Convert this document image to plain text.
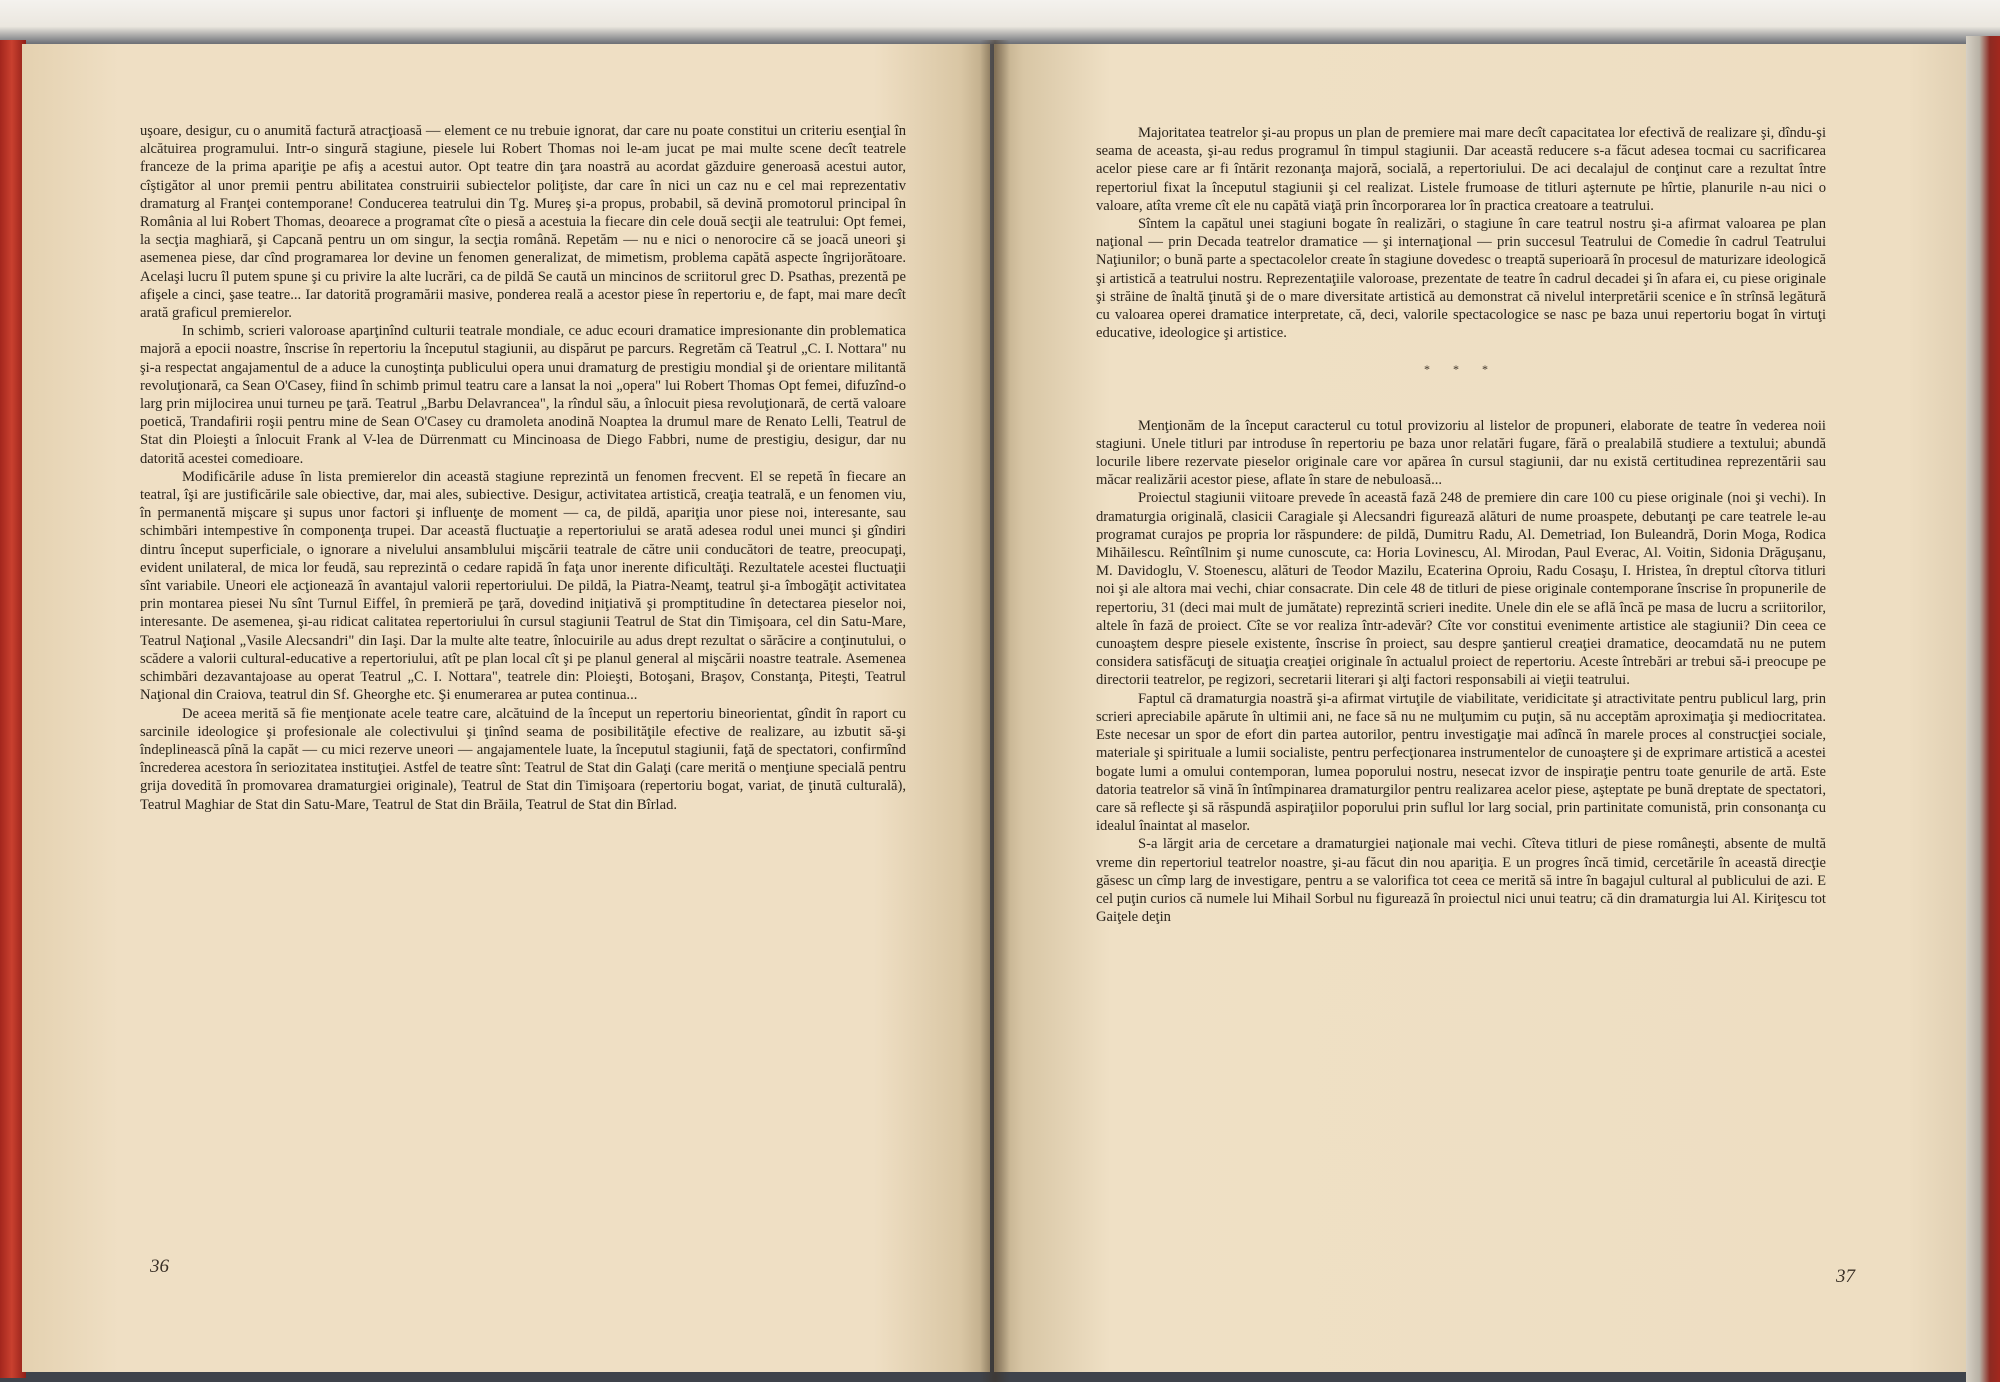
uşoare, desigur, cu o anumită factură atracţioasă — element ce nu trebuie ignorat, dar care nu poate constitui un criteriu esenţial în alcătuirea programului. Intr-o singură stagiune, piesele lui Robert Thomas noi le-am jucat pe mai multe scene decît teatrele franceze de la prima apariţie pe afiş a acestui autor. Opt teatre din ţara noastră au acordat găzduire generoasă acestui autor, cîştigător al unor premii pentru abilitatea construirii subiectelor poliţiste, dar care în nici un caz nu e cel mai reprezentativ dramaturg al Franţei contemporane! Conducerea teatrului din Tg. Mureş şi-a propus, probabil, să devină promotorul principal în România al lui Robert Thomas, deoarece a programat cîte o piesă a acestuia la fiecare din cele două secţii ale teatrului: Opt femei, la secţia maghiară, şi Capcană pentru un om singur, la secţia română. Repetăm — nu e nici o nenorocire că se joacă uneori şi asemenea piese, dar cînd programarea lor devine un fenomen generalizat, de mimetism, problema capătă aspecte îngrijorătoare. Acelaşi lucru îl putem spune şi cu privire la alte lucrări, ca de pildă Se caută un mincinos de scriitorul grec D. Psathas, prezentă pe afişele a cinci, şase teatre... Iar datorită programării masive, ponderea reală a acestor piese în repertoriu e, de fapt, mai mare decît arată graficul premierelor.

In schimb, scrieri valoroase aparţinînd culturii teatrale mondiale, ce aduc ecouri dramatice impresionante din problematica majoră a epocii noastre, înscrise în repertoriu la începutul stagiunii, au dispărut pe parcurs. Regretăm că Teatrul „C. I. Nottara" nu şi-a respectat angajamentul de a aduce la cunoştinţa publicului opera unui dramaturg de prestigiu mondial şi de orientare militantă revoluţionară, ca Sean O'Casey, fiind în schimb primul teatru care a lansat la noi „opera" lui Robert Thomas Opt femei, difuzînd-o larg prin mijlocirea unui turneu pe ţară. Teatrul „Barbu Delavrancea", la rîndul său, a înlocuit piesa revoluţionară, de certă valoare poetică, Trandafirii roşii pentru mine de Sean O'Casey cu dramoleta anodină Noaptea la drumul mare de Renato Lelli, Teatrul de Stat din Ploieşti a înlocuit Frank al V-lea de Dürrenmatt cu Mincinoasa de Diego Fabbri, nume de prestigiu, desigur, dar nu datorită acestei comedioare.

Modificările aduse în lista premierelor din această stagiune reprezintă un fenomen frecvent. El se repetă în fiecare an teatral, îşi are justificările sale obiective, dar, mai ales, subiective. Desigur, activitatea artistică, creaţia teatrală, e un fenomen viu, în permanentă mişcare şi supus unor factori şi influenţe de moment — ca, de pildă, apariţia unor piese noi, interesante, sau schimbări intempestive în componenţa trupei. Dar această fluctuaţie a repertoriului se arată adesea rodul unei munci şi gîndiri dintru început superficiale, o ignorare a nivelului ansamblului mişcării teatrale de către unii conducători de teatre, preocupaţi, evident unilateral, de mica lor feudă, sau reprezintă o cedare rapidă în faţa unor inerente dificultăţi. Rezultatele acestei fluctuaţii sînt variabile. Uneori ele acţionează în avantajul valorii repertoriului. De pildă, la Piatra-Neamţ, teatrul şi-a îmbogăţit activitatea prin montarea piesei Nu sînt Turnul Eiffel, în premieră pe ţară, dovedind iniţiativă şi promptitudine în detectarea pieselor noi, interesante. De asemenea, şi-au ridicat calitatea repertoriului în cursul stagiunii Teatrul de Stat din Timişoara, cel din Satu-Mare, Teatrul Naţional „Vasile Alecsandri" din Iaşi. Dar la multe alte teatre, înlocuirile au adus drept rezultat o sărăcire a conţinutului, o scădere a valorii cultural-educative a repertoriului, atît pe plan local cît şi pe planul general al mişcării noastre teatrale. Asemenea schimbări dezavantajoase au operat Teatrul „C. I. Nottara", teatrele din: Ploieşti, Botoşani, Braşov, Constanţa, Piteşti, Teatrul Naţional din Craiova, teatrul din Sf. Gheorghe etc. Şi enumerarea ar putea continua...

De aceea merită să fie menţionate acele teatre care, alcătuind de la început un repertoriu bineorientat, gîndit în raport cu sarcinile ideologice şi profesionale ale colectivului şi ţinînd seama de posibilităţile efective de realizare, au izbutit să-şi îndeplinească pînă la capăt — cu mici rezerve uneori — angajamentele luate, la începutul stagiunii, faţă de spectatori, confirmînd încrederea acestora în seriozitatea instituţiei. Astfel de teatre sînt: Teatrul de Stat din Galaţi (care merită o menţiune specială pentru grija dovedită în promovarea dramaturgiei originale), Teatrul de Stat din Timişoara (repertoriu bogat, variat, de ţinută culturală), Teatrul Maghiar de Stat din Satu-Mare, Teatrul de Stat din Brăila, Teatrul de Stat din Bîrlad.

36

Majoritatea teatrelor şi-au propus un plan de premiere mai mare decît capacitatea lor efectivă de realizare şi, dîndu-şi seama de aceasta, şi-au redus programul în timpul stagiunii. Dar această reducere s-a făcut adesea tocmai cu sacrificarea acelor piese care ar fi întărit rezonanţa majoră, socială, a repertoriului. De aci decalajul de conţinut care a rezultat între repertoriul fixat la începutul stagiunii şi cel realizat. Listele frumoase de titluri aşternute pe hîrtie, planurile n-au nici o valoare, atîta vreme cît ele nu capătă viaţă prin încorporarea lor în practica creatoare a teatrului.

Sîntem la capătul unei stagiuni bogate în realizări, o stagiune în care teatrul nostru şi-a afirmat valoarea pe plan naţional — prin Decada teatrelor dramatice — şi internaţional — prin succesul Teatrului de Comedie în cadrul Teatrului Naţiunilor; o bună parte a spectacolelor create în stagiune dovedesc o treaptă superioară în procesul de maturizare ideologică şi artistică a teatrului nostru. Reprezentaţiile valoroase, prezentate de teatre în cadrul decadei şi în afara ei, cu piese originale şi străine de înaltă ţinută şi de o mare diversitate artistică au demonstrat că nivelul interpretării scenice e în strînsă legătură cu valoarea operei dramatice interpretate, că, deci, valorile spectacologice se nasc pe baza unui repertoriu bogat în virtuţi educative, ideologice şi artistice.

* * *

Menţionăm de la început caracterul cu totul provizoriu al listelor de propuneri, elaborate de teatre în vederea noii stagiuni. Unele titluri par introduse în repertoriu pe baza unor relatări fugare, fără o prealabilă studiere a textului; abundă locurile libere rezervate pieselor originale care vor apărea în cursul stagiunii, dar nu există certitudinea reprezentării sau măcar realizării acestor piese, aflate în stare de nebuloasă...

Proiectul stagiunii viitoare prevede în această fază 248 de premiere din care 100 cu piese originale (noi şi vechi). In dramaturgia originală, clasicii Caragiale şi Alecsandri figurează alături de nume proaspete, debutanţi pe care teatrele le-au programat curajos pe propria lor răspundere: de pildă, Dumitru Radu, Al. Demetriad, Ion Buleandră, Dorin Moga, Rodica Mihăilescu. Reîntîlnim şi nume cunoscute, ca: Horia Lovinescu, Al. Mirodan, Paul Everac, Al. Voitin, Sidonia Drăguşanu, M. Davidoglu, V. Stoenescu, alături de Teodor Mazilu, Ecaterina Oproiu, Radu Cosaşu, I. Hristea, în dreptul cîtorva titluri noi şi ale altora mai vechi, chiar consacrate. Din cele 48 de titluri de piese originale contemporane înscrise în propunerile de repertoriu, 31 (deci mai mult de jumătate) reprezintă scrieri inedite. Unele din ele se află încă pe masa de lucru a scriitorilor, altele în fază de proiect. Cîte se vor realiza într-adevăr? Cîte vor constitui evenimente artistice ale stagiunii? Din ceea ce cunoaştem despre piesele existente, înscrise în proiect, sau despre şantierul creaţiei dramatice, deocamdată nu ne putem considera satisfăcuţi de situaţia creaţiei originale în actualul proiect de repertoriu. Aceste întrebări ar trebui să-i preocupe pe directorii teatrelor, pe regizori, secretarii literari şi alţi factori responsabili ai vieţii teatrului.

Faptul că dramaturgia noastră şi-a afirmat virtuţile de viabilitate, veridicitate şi atractivitate pentru publicul larg, prin scrieri apreciabile apărute în ultimii ani, ne face să nu ne mulţumim cu puţin, să nu acceptăm aproximaţia şi mediocritatea. Este necesar un spor de efort din partea autorilor, pentru investigaţie mai adîncă în marele proces al construcţiei sociale, materiale şi spirituale a lumii socialiste, pentru perfecţionarea instrumentelor de cunoaştere şi de exprimare artistică a acestei bogate lumi a omului contemporan, lumea poporului nostru, nesecat izvor de inspiraţie pentru toate genurile de artă. Este datoria teatrelor să vină în întîmpinarea dramaturgilor pentru realizarea acelor piese, aşteptate pe bună dreptate de spectatori, care să reflecte şi să răspundă aspiraţiilor poporului prin suflul lor larg social, prin partinitate comunistă, prin consonanţa cu idealul înaintat al maselor.

S-a lărgit aria de cercetare a dramaturgiei naţionale mai vechi. Cîteva titluri de piese româneşti, absente de multă vreme din repertoriul teatrelor noastre, şi-au făcut din nou apariţia. E un progres încă timid, cercetările în această direcţie găsesc un cîmp larg de investigare, pentru a se valorifica tot ceea ce merită să intre în bagajul cultural al publicului de azi. E cel puţin curios că numele lui Mihail Sorbul nu figurează în proiectul nici unui teatru; că din dramaturgia lui Al. Kiriţescu tot Gaiţele deţin

37
